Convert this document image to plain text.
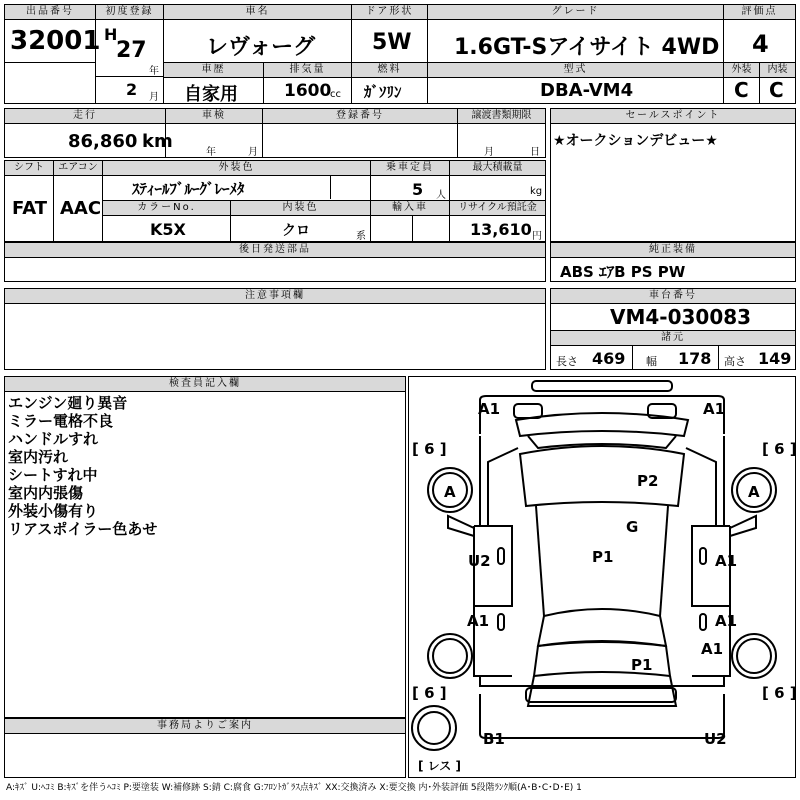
出品番号
32001
初度登録
H
27
年
2 月
車名
レヴォーグ
車歴
自家用
排気量
1600
cc
ドア形状
5W
燃料
ｶﾞｿﾘﾝ
グレード
1.6GT-Sアイサイト 4WD
型式
DBA-VM4
評価点
4
外装	内装
C C
走行
86,860 km
車検
年	月
登録番号	譲渡書類期限
月	日
セールスポイント
★オークションデビュー★
シフト
FAT
エアコン
AAC
外装色
ｽﾃｨｰﾙﾌﾞﾙｰｸﾞﾚｰﾒﾀ
カラーNo.
K5X
内装色
クロ	系
乗車定員
5 人
輸入車
最大積載量
kg
リサイクル預託金
13,610 円
後日発送部品	純正装備
ABS ｴｱB PS PW
注意事項欄	車台番号
VM4-030083
諸元
長さ 469 幅 178 高さ 149
検査員記入欄
エンジン廻り異音
ミラー電格不良
ハンドルすれ
室内汚れ
シートすれ中
室内内張傷
外装小傷有り
リアスポイラー色あせ
事務局よりご案内
A1	A1
[ 6 ]	[ 6 ]
A	A
P2
G
P1
U2	A1
A1	A1
A1
P1
[ 6 ]	[ 6 ]
B1	U2
[ レス ]
A:ｷｽﾞ U:ﾍｺﾐ B:ｷｽﾞを伴うﾍｺﾐ P:要塗装 W:補修跡 S:錆 C:腐食 G:ﾌﾛﾝﾄｶﾞﾗｽ点ｷｽﾞ XX:交換済み X:要交換 内･外装評価 5段階ﾗﾝｸ順(A･B･C･D･E) 1
